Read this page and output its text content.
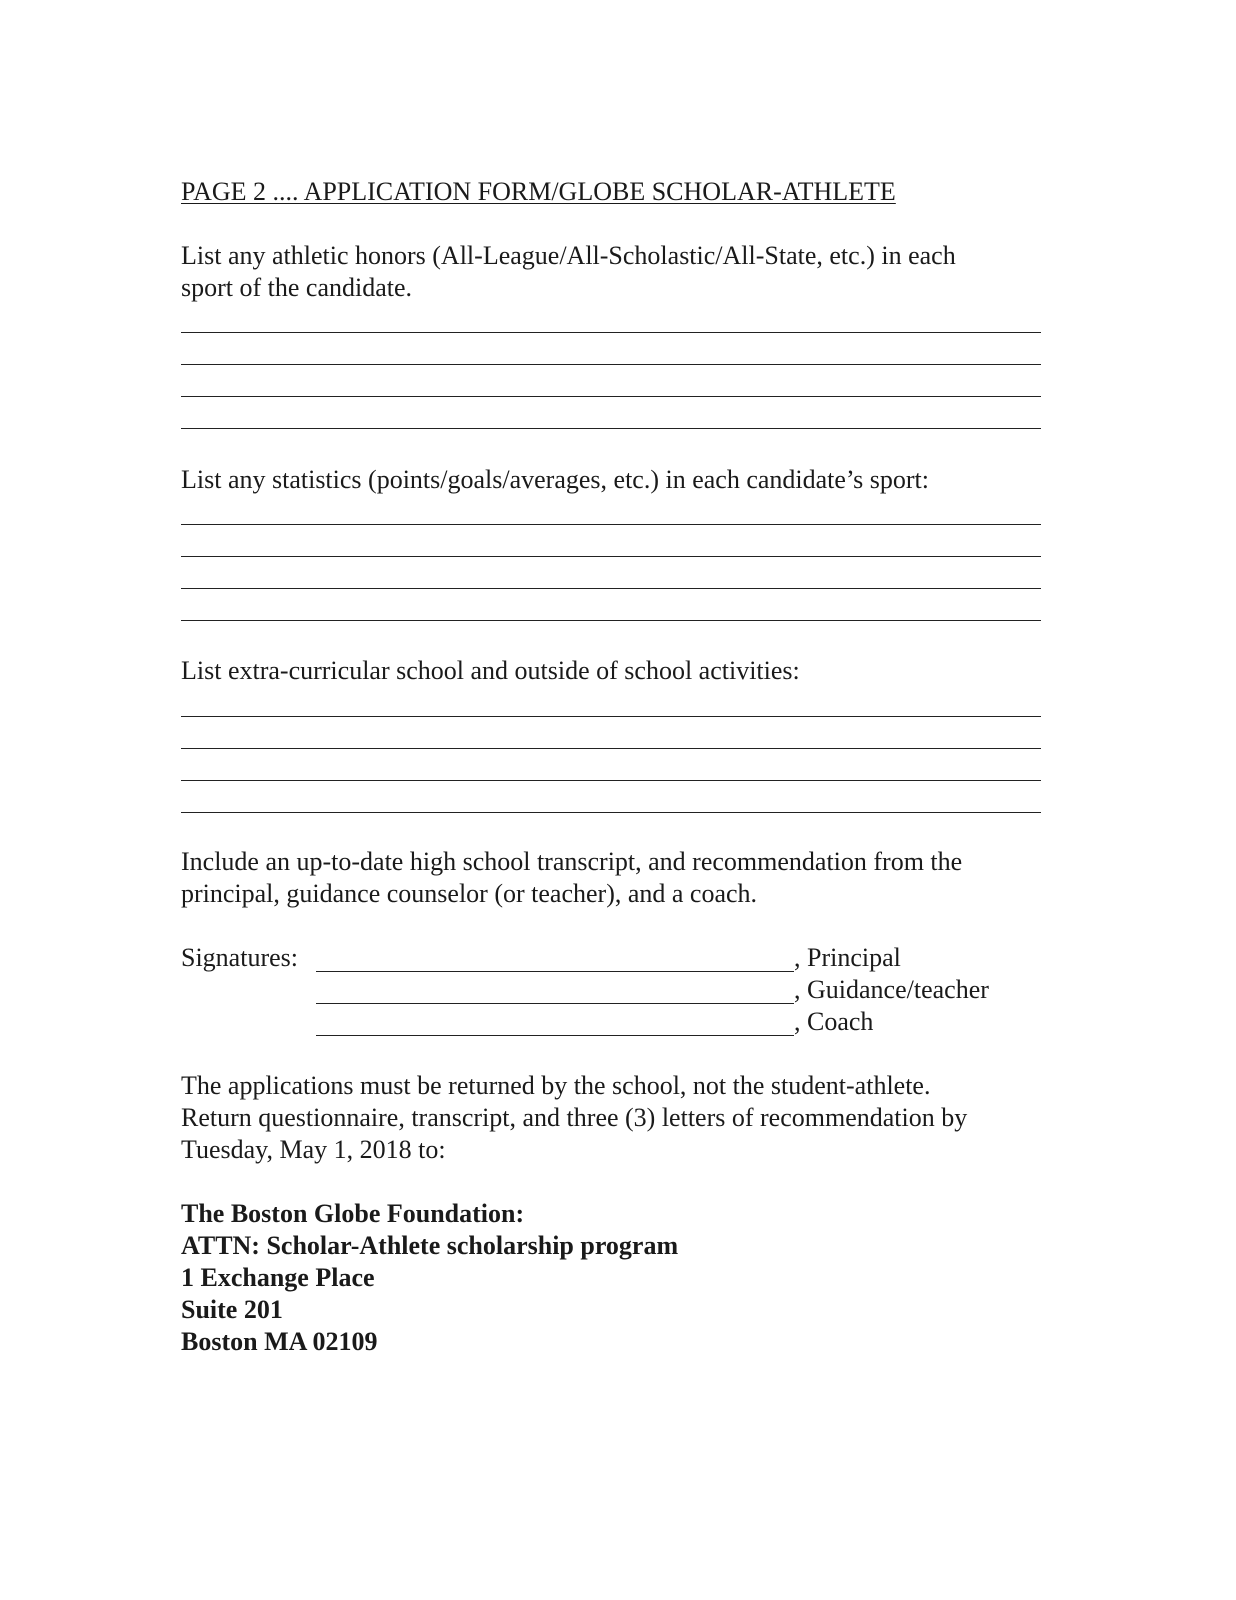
PAGE 2 .... APPLICATION FORM/GLOBE SCHOLAR-ATHLETE
List any athletic honors (All-League/All-Scholastic/All-State, etc.) in each
sport of the candidate.
List any statistics (points/goals/averages, etc.) in each candidate’s sport:
List extra-curricular school and outside of school activities:
Include an up-to-date high school transcript, and recommendation from the
principal, guidance counselor (or teacher), and a coach.
Signatures:	, Principal
, Guidance/teacher
, Coach
The applications must be returned by the school, not the student-athlete.
Return questionnaire, transcript, and three (3) letters of recommendation by
Tuesday, May 1, 2018 to:
The Boston Globe Foundation:
ATTN: Scholar-Athlete scholarship program
1 Exchange Place
Suite 201
Boston MA 02109
